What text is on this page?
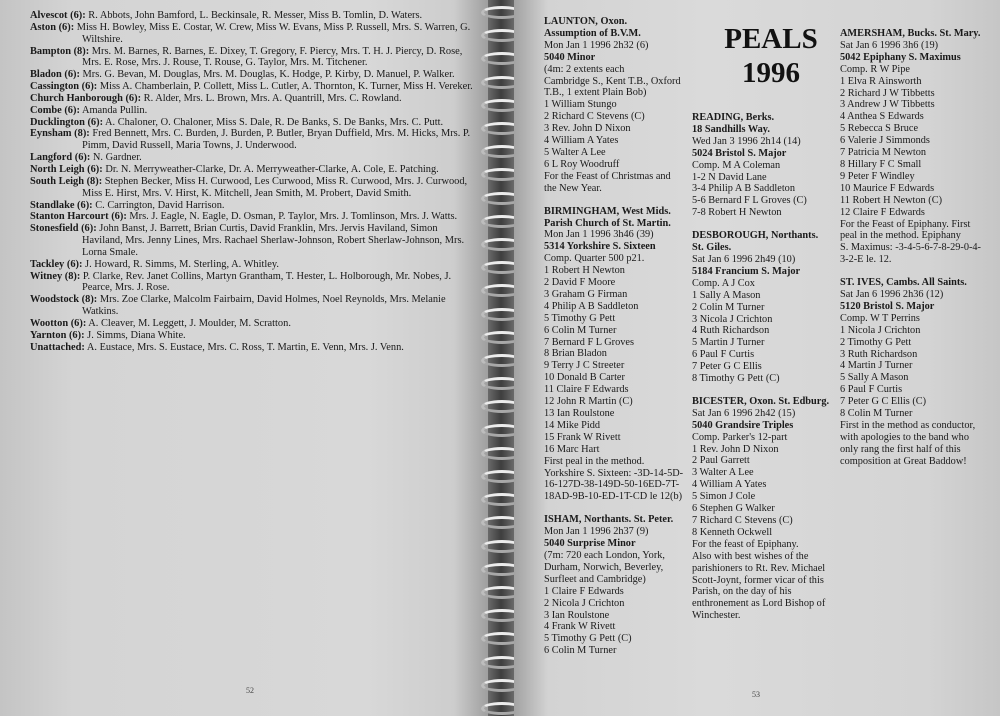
Alvescot (6): R. Abbots, John Bamford, L. Beckinsale, R. Messer, Miss B. Tomlin, D. Waters.
Aston (6): Miss H. Bowley, Miss E. Costar, W. Crew, Miss W. Evans, Miss P. Russell, Mrs. S. Warren, G. Wiltshire.
Bampton (8): Mrs. M. Barnes, R. Barnes, E. Dixey, T. Gregory, F. Piercy, Mrs. T. H. J. Piercy, D. Rose, Mrs. E. Rose, Mrs. J. Rouse, T. Rouse, G. Taylor, Mrs. M. Titchener.
Bladon (6): Mrs. G. Bevan, M. Douglas, Mrs. M. Douglas, K. Hodge, P. Kirby, D. Manuel, P. Walker.
Cassington (6): Miss A. Chamberlain, P. Collett, Miss L. Cutler, A. Thornton, K. Turner, Miss H. Vereker.
Church Hanborough (6): R. Alder, Mrs. L. Brown, Mrs. A. Quantrill, Mrs. C. Rowland.
Combe (6): Amanda Pullin.
Ducklington (6): A. Chaloner, O. Chaloner, Miss S. Dale, R. De Banks, S. De Banks, Mrs. C. Putt.
Eynsham (8): Fred Bennett, Mrs. C. Burden, J. Burden, P. Butler, Bryan Duffield, Mrs. M. Hicks, Mrs. P. Pimm, David Russell, Maria Towns, J. Underwood.
Langford (6): N. Gardner.
North Leigh (6): Dr. N. Merryweather-Clarke, Dr. A. Merryweather-Clarke, A. Cole, E. Patching.
South Leigh (8): Stephen Becker, Miss H. Curwood, Les Curwood, Miss R. Curwood, Mrs. J. Curwood, Miss E. Hirst, Mrs. V. Hirst, K. Mitchell, Jean Smith, M. Probert, David Smith.
Standlake (6): C. Carrington, David Harrison.
Stanton Harcourt (6): Mrs. J. Eagle, N. Eagle, D. Osman, P. Taylor, Mrs. J. Tomlinson, Mrs. J. Watts.
Stonesfield (6): John Banst, J. Barrett, Brian Curtis, David Franklin, Mrs. Jervis Haviland, Simon Haviland, Mrs. Jenny Lines, Mrs. Rachael Sherlaw-Johnson, Robert Sherlaw-Johnson, Mrs. Lorna Smale.
Tackley (6): J. Howard, R. Simms, M. Sterling, A. Whitley.
Witney (8): P. Clarke, Rev. Janet Collins, Martyn Grantham, T. Hester, L. Holborough, Mr. Nobes, J. Pearce, Mrs. J. Rose.
Woodstock (8): Mrs. Zoe Clarke, Malcolm Fairbairn, David Holmes, Noel Reynolds, Mrs. Melanie Watkins.
Wootton (6): A. Cleaver, M. Leggett, J. Moulder, M. Scratton.
Yarnton (6): J. Simms, Diana White.
Unattached: A. Eustace, Mrs. S. Eustace, Mrs. C. Ross, T. Martin, E. Venn, Mrs. J. Venn.
52
LAUNTON, Oxon.
Assumption of B.V.M.
Mon Jan 1 1996 2h32 (6)
5040 Minor
(4m: 2 extents each
Cambridge S., Kent T.B., Oxford
T.B., 1 extent Plain Bob)
1 William Stungo
2 Richard C Stevens (C)
3 Rev. John D Nixon
4 William A Yates
5 Walter A Lee
6 L Roy Woodruff
For the Feast of Christmas and
the New Year.
BIRMINGHAM, West Mids.
Parish Church of St. Martin.
Mon Jan 1 1996 3h46 (39)
5314 Yorkshire S. Sixteen
Comp. Quarter 500 p21.
1 Robert H Newton
2 David F Moore
3 Graham G Firman
4 Philip A B Saddleton
5 Timothy G Pett
6 Colin M Turner
7 Bernard F L Groves
8 Brian Bladon
9 Terry J C Streeter
10 Donald B Carter
11 Claire F Edwards
12 John R Martin (C)
13 Ian Roulstone
14 Mike Pidd
15 Frank W Rivett
16 Marc Hart
First peal in the method.
Yorkshire S. Sixteen: -3D-14-5D-
16-127D-38-149D-50-16ED-7T-
18AD-9B-10-ED-1T-CD le 12(b)
ISHAM, Northants. St. Peter.
Mon Jan 1 1996 2h37 (9)
5040 Surprise Minor
(7m: 720 each London, York,
Durham, Norwich, Beverley,
Surfleet and Cambridge)
1 Claire F Edwards
2 Nicola J Crichton
3 Ian Roulstone
4 Frank W Rivett
5 Timothy G Pett (C)
6 Colin M Turner
PEALS
1996
READING, Berks.
18 Sandhills Way.
Wed Jan 3 1996 2h14 (14)
5024 Bristol S. Major
Comp. M A Coleman
1-2 N David Lane
3-4 Philip A B Saddleton
5-6 Bernard F L Groves (C)
7-8 Robert H Newton
DESBOROUGH, Northants.
St. Giles.
Sat Jan 6 1996 2h49 (10)
5184 Francium S. Major
Comp. A J Cox
1 Sally A Mason
2 Colin M Turner
3 Nicola J Crichton
4 Ruth Richardson
5 Martin J Turner
6 Paul F Curtis
7 Peter G C Ellis
8 Timothy G Pett (C)
BICESTER, Oxon. St. Edburg.
Sat Jan 6 1996 2h42 (15)
5040 Grandsire Triples
Comp. Parker's 12-part
1 Rev. John D Nixon
2 Paul Garrett
3 Walter A Lee
4 William A Yates
5 Simon J Cole
6 Stephen G Walker
7 Richard C Stevens (C)
8 Kenneth Ockwell
For the feast of Epiphany.
Also with best wishes of the
parishioners to Rt. Rev. Michael
Scott-Joynt, former vicar of this
Parish, on the day of his
enthronement as Lord Bishop of
Winchester.
AMERSHAM, Bucks. St. Mary.
Sat Jan 6 1996 3h6 (19)
5042 Epiphany S. Maximus
Comp. R W Pipe
1 Elva R Ainsworth
2 Richard J W Tibbetts
3 Andrew J W Tibbetts
4 Anthea S Edwards
5 Rebecca S Bruce
6 Valerie J Simmonds
7 Patricia M Newton
8 Hillary F C Small
9 Peter F Windley
10 Maurice F Edwards
11 Robert H Newton (C)
12 Claire F Edwards
For the Feast of Epiphany. First
peal in the method. Epiphany
S. Maximus: -3-4-5-6-7-8-29-0-4-
3-2-E le. 12.
ST. IVES, Cambs. All Saints.
Sat Jan 6 1996 2h36 (12)
5120 Bristol S. Major
Comp. W T Perrins
1 Nicola J Crichton
2 Timothy G Pett
3 Ruth Richardson
4 Martin J Turner
5 Sally A Mason
6 Paul F Curtis
7 Peter G C Ellis (C)
8 Colin M Turner
First in the method as conductor,
with apologies to the band who
only rang the first half of this
composition at Great Baddow!
53
